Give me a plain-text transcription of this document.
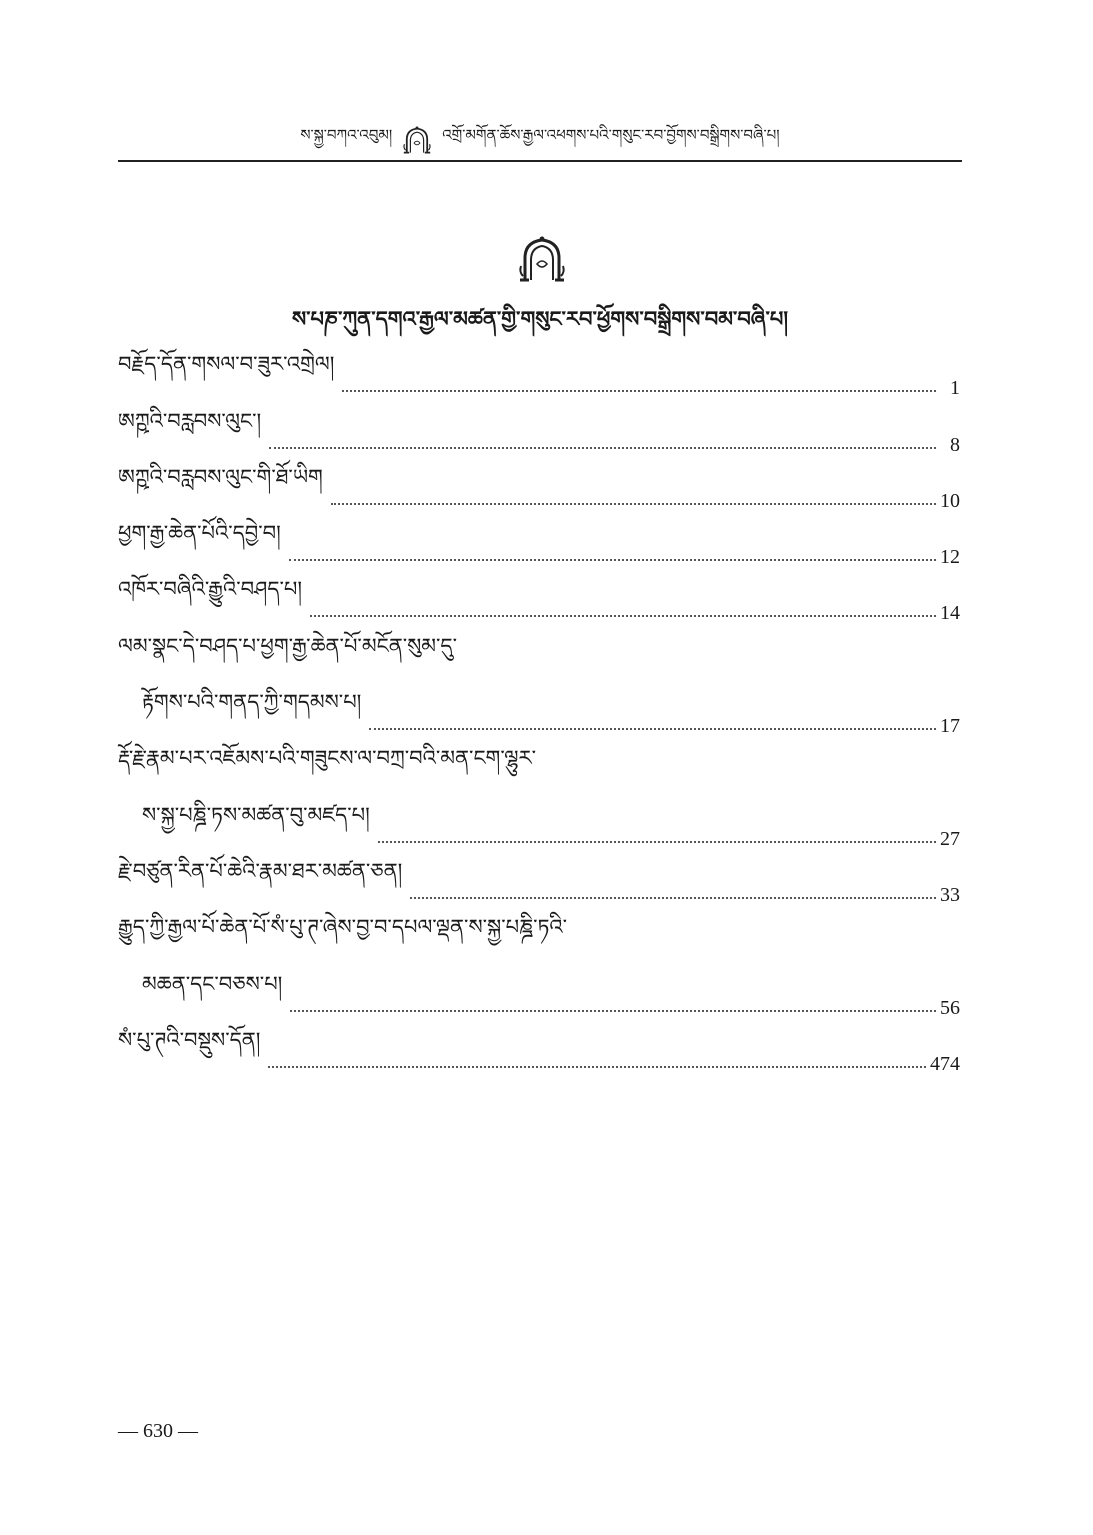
ས་སྐྱ་བཀའ་འབུམ།	འགྲོ་མགོན་ཆོས་རྒྱལ་འཕགས་པའི་གསུང་རབ་བྱོགས་བསྒྲིགས་བཞི་པ།
ས་པཎ་ཀུན་དགའ་རྒྱལ་མཚན་གྱི་གསུང་རབ་ཕྱོགས་བསྒྲིགས་བམ་བཞི་པ།
བརྗོད་དོན་གསལ་བ་ཟུར་འགྲེལ།
1
ཨཀྵའི་བརླབས་ལུང་།
8
ཨཀྵའི་བརླབས་ལུང་གི་ཐོ་ཡིག
10
ཕྱག་རྒྱ་ཆེན་པོའི་དབྱེ་བ།
12
འཁོར་བཞིའི་རྒྱུའི་བཤད་པ།
14
ལམ་སྣང་དེ་བཤད་པ་ཕྱག་རྒྱ་ཆེན་པོ་མངོན་སུམ་དུ་
རྟོགས་པའི་གནད་ཀྱི་གདམས་པ།
17
རྡོ་རྗེ་རྣམ་པར་འཇོམས་པའི་གཟུངས་ལ་བཀྲ་བའི་མན་ངག་ལྷུར་
ས་སྐྱ་པཎྜི་ཏས་མཚན་བུ་མཛད་པ།
27
རྗེ་བཙུན་རིན་པོ་ཆེའི་རྣམ་ཐར་མཚན་ཅན།
33
རྒྱུད་ཀྱི་རྒྱལ་པོ་ཆེན་པོ་སཾ་པུ་ཊ་ཞེས་བྱ་བ་དཔལ་ལྡན་ས་སྐྱ་པཎྜི་ཏའི་
མཆན་དང་བཅས་པ།
56
སཾ་པུ་ཊའི་བསྡུས་དོན།
474
— 630 —
